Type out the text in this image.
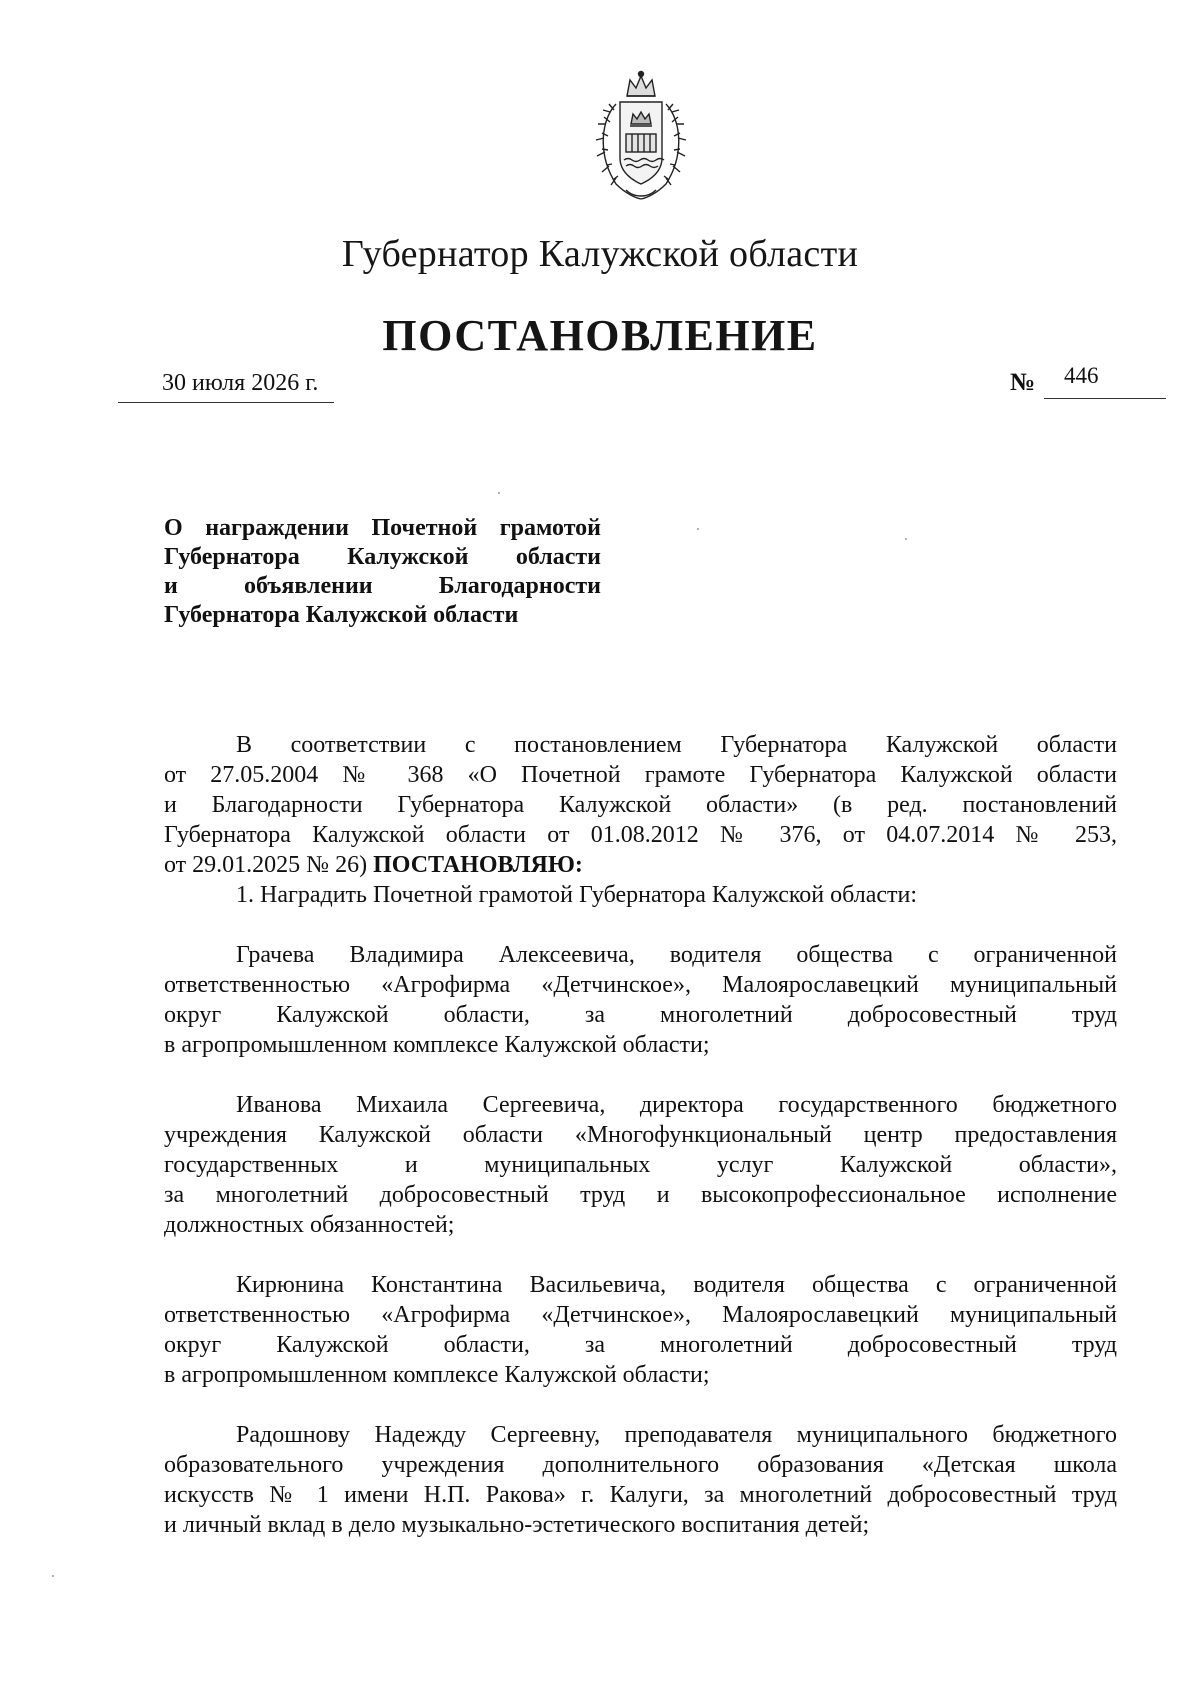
Губернатор Калужской области
ПОСТАНОВЛЕНИЕ
30 июля 2026 г.	№ 446
О награждении Почетной грамотой
Губернатора Калужской области
и объявлении Благодарности
Губернатора Калужской области
В соответствии с постановлением Губернатора Калужской области
от 27.05.2004 № 368 «О Почетной грамоте Губернатора Калужской области
и Благодарности Губернатора Калужской области» (в ред. постановлений
Губернатора Калужской области от 01.08.2012 № 376, от 04.07.2014 № 253,
от 29.01.2025 № 26) ПОСТАНОВЛЯЮ:
1. Наградить Почетной грамотой Губернатора Калужской области:
Грачева Владимира Алексеевича, водителя общества с ограниченной
ответственностью «Агрофирма «Детчинское», Малоярославецкий муниципальный
округ Калужской области, за многолетний добросовестный труд
в агропромышленном комплексе Калужской области;
Иванова Михаила Сергеевича, директора государственного бюджетного
учреждения Калужской области «Многофункциональный центр предоставления
государственных и муниципальных услуг Калужской области»,
за многолетний добросовестный труд и высокопрофессиональное исполнение
должностных обязанностей;
Кирюнина Константина Васильевича, водителя общества с ограниченной
ответственностью «Агрофирма «Детчинское», Малоярославецкий муниципальный
округ Калужской области, за многолетний добросовестный труд
в агропромышленном комплексе Калужской области;
Радошнову Надежду Сергеевну, преподавателя муниципального бюджетного
образовательного учреждения дополнительного образования «Детская школа
искусств № 1 имени Н.П. Ракова» г. Калуги, за многолетний добросовестный труд
и личный вклад в дело музыкально-эстетического воспитания детей;
